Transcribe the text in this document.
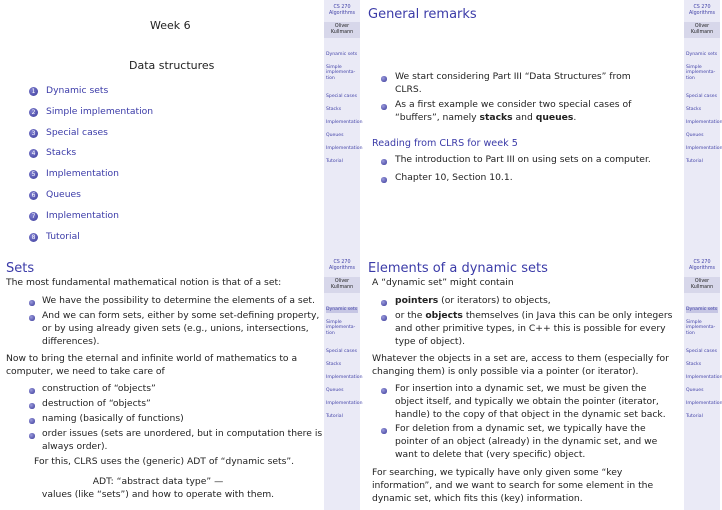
Week 6
Data structures
1 Dynamic sets
2 Simple implementation
3 Special cases
4 Stacks
5 Implementation
6 Queues
7 Implementation
8 Tutorial
CS 270
Algorithms
Oliver
Kullmann
Dynamic sets
Simple implementa-tion
Special cases
Stacks
Implementation
Queues
Implementation
Tutorial
General remarks
We start considering Part III “Data Structures” from
CLRS.
As a first example we consider two special cases of
“buffers”, namely stacks and queues.
Reading from CLRS for week 5
The introduction to Part III on using sets on a computer.
Chapter 10, Section 10.1.
CS 270
Algorithms
Oliver
Kullmann
Dynamic sets
Simple implementa-tion
Special cases
Stacks
Implementation
Queues
Implementation
Tutorial
Sets
The most fundamental mathematical notion is that of a set:
We have the possibility to determine the elements of a set.
And we can form sets, either by some set-defining property,
or by using already given sets (e.g., unions, intersections,
differences).
Now to bring the eternal and infinite world of mathematics to a
computer, we need to take care of
construction of “objects”
destruction of “objects”
naming (basically of functions)
order issues (sets are unordered, but in computation there is
always order).
For this, CLRS uses the (generic) ADT of “dynamic sets”.
ADT: “abstract data type” —
values (like “sets”) and how to operate with them.
CS 270
Algorithms
Oliver
Kullmann
Dynamic sets
Simple implementa-tion
Special cases
Stacks
Implementation
Queues
Implementation
Tutorial
Elements of a dynamic sets
A “dynamic set” might contain
pointers (or iterators) to objects,
or the objects themselves (in Java this can be only integers
and other primitive types, in C++ this is possible for every
type of object).
Whatever the objects in a set are, access to them (especially for
changing them) is only possible via a pointer (or iterator).
For insertion into a dynamic set, we must be given the
object itself, and typically we obtain the pointer (iterator,
handle) to the copy of that object in the dynamic set back.
For deletion from a dynamic set, we typically have the
pointer of an object (already) in the dynamic set, and we
want to delete that (very specific) object.
For searching, we typically have only given some “key
information”, and we want to search for some element in the
dynamic set, which fits this (key) information.
CS 270
Algorithms
Oliver
Kullmann
Dynamic sets
Simple implementa-tion
Special cases
Stacks
Implementation
Queues
Implementation
Tutorial
